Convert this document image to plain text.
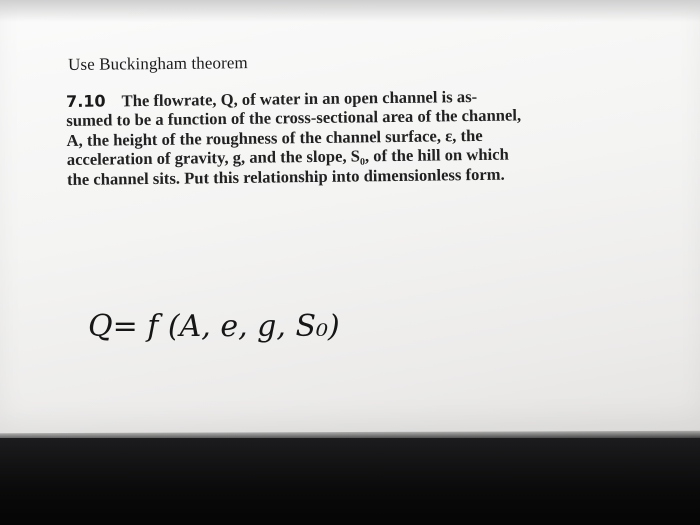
Use Buckingham theorem
7.10 The flowrate, Q, of water in an open channel is as-
sumed to be a function of the cross-sectional area of the channel,
A, the height of the roughness of the channel surface, ε, the
acceleration of gravity, g, and the slope, S₀, of the hill on which
the channel sits. Put this relationship into dimensionless form.
Q= f (A, e, g, S₀)
